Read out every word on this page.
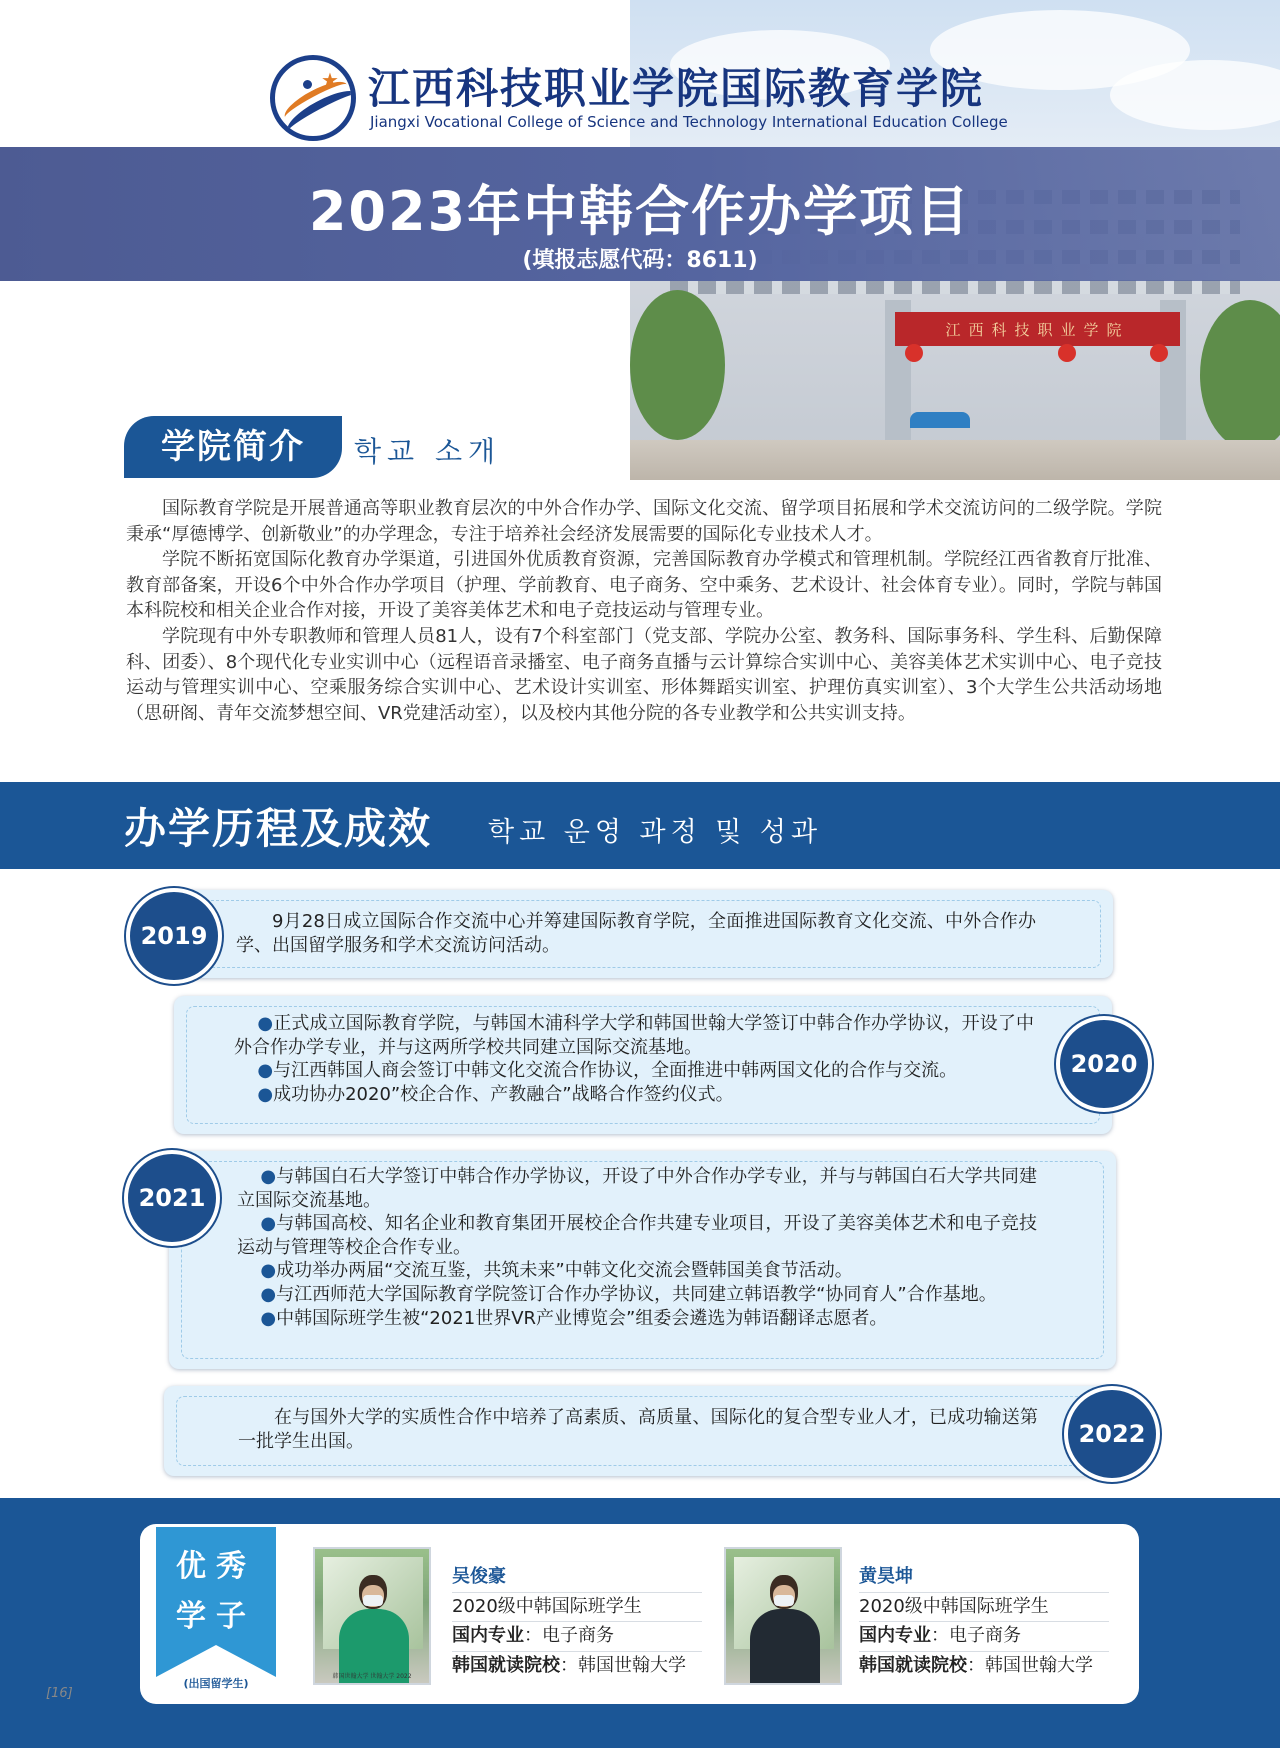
江西科技职业学院
★ 江西科技职业学院国际教育学院
Jiangxi Vocational College of Science and Technology International Education College
2023年中韩合作办学项目
(填报志愿代码：8611)
学院简介	학교 소개

国际教育学院是开展普通高等职业教育层次的中外合作办学、国际文化交流、留学项目拓展和学术交流访问的二级学院。学院秉承“厚德博学、创新敬业”的办学理念，专注于培养社会经济发展需要的国际化专业技术人才。

学院不断拓宽国际化教育办学渠道，引进国外优质教育资源，完善国际教育办学模式和管理机制。学院经江西省教育厅批准、教育部备案，开设6个中外合作办学项目（护理、学前教育、电子商务、空中乘务、艺术设计、社会体育专业）。同时，学院与韩国本科院校和相关企业合作对接，开设了美容美体艺术和电子竞技运动与管理专业。

学院现有中外专职教师和管理人员81人，设有7个科室部门（党支部、学院办公室、教务科、国际事务科、学生科、后勤保障科、团委）、8个现代化专业实训中心（远程语音录播室、电子商务直播与云计算综合实训中心、美容美体艺术实训中心、电子竞技运动与管理实训中心、空乘服务综合实训中心、艺术设计实训室、形体舞蹈实训室、护理仿真实训室）、3个大学生公共活动场地（思研阁、青年交流梦想空间、VR党建活动室），以及校内其他分院的各专业教学和公共实训支持。

办学历程及成效 학교 운영 과정 및 성과

9月28日成立国际合作交流中心并筹建国际教育学院，全面推进国际教育文化交流、中外合作办学、出国留学服务和学术交流访问活动。

2019

●正式成立国际教育学院，与韩国木浦科学大学和韩国世翰大学签订中韩合作办学协议，开设了中外合作办学专业，并与这两所学校共同建立国际交流基地。
●与江西韩国人商会签订中韩文化交流合作协议，全面推进中韩两国文化的合作与交流。
●成功协办2020”校企合作、产教融合”战略合作签约仪式。

2020

●与韩国白石大学签订中韩合作办学协议，开设了中外合作办学专业，并与与韩国白石大学共同建立国际交流基地。
●与韩国高校、知名企业和教育集团开展校企合作共建专业项目，开设了美容美体艺术和电子竞技运动与管理等校企合作专业。
●成功举办两届“交流互鉴，共筑未来”中韩文化交流会暨韩国美食节活动。
●与江西师范大学国际教育学院签订合作办学协议，共同建立韩语教学“协同育人”合作基地。
●中韩国际班学生被“2021世界VR产业博览会”组委会遴选为韩语翻译志愿者。

2021

在与国外大学的实质性合作中培养了高素质、高质量、国际化的复合型专业人才，已成功输送第一批学生出国。	2022
优秀
学子
(出国留学生)
韩国世翰大学 世翰大学 2022
吴俊豪
2020级中韩国际班学生
国内专业：电子商务
韩国就读院校：韩国世翰大学
黄昊坤
2020级中韩国际班学生
国内专业：电子商务
韩国就读院校：韩国世翰大学
[16]
